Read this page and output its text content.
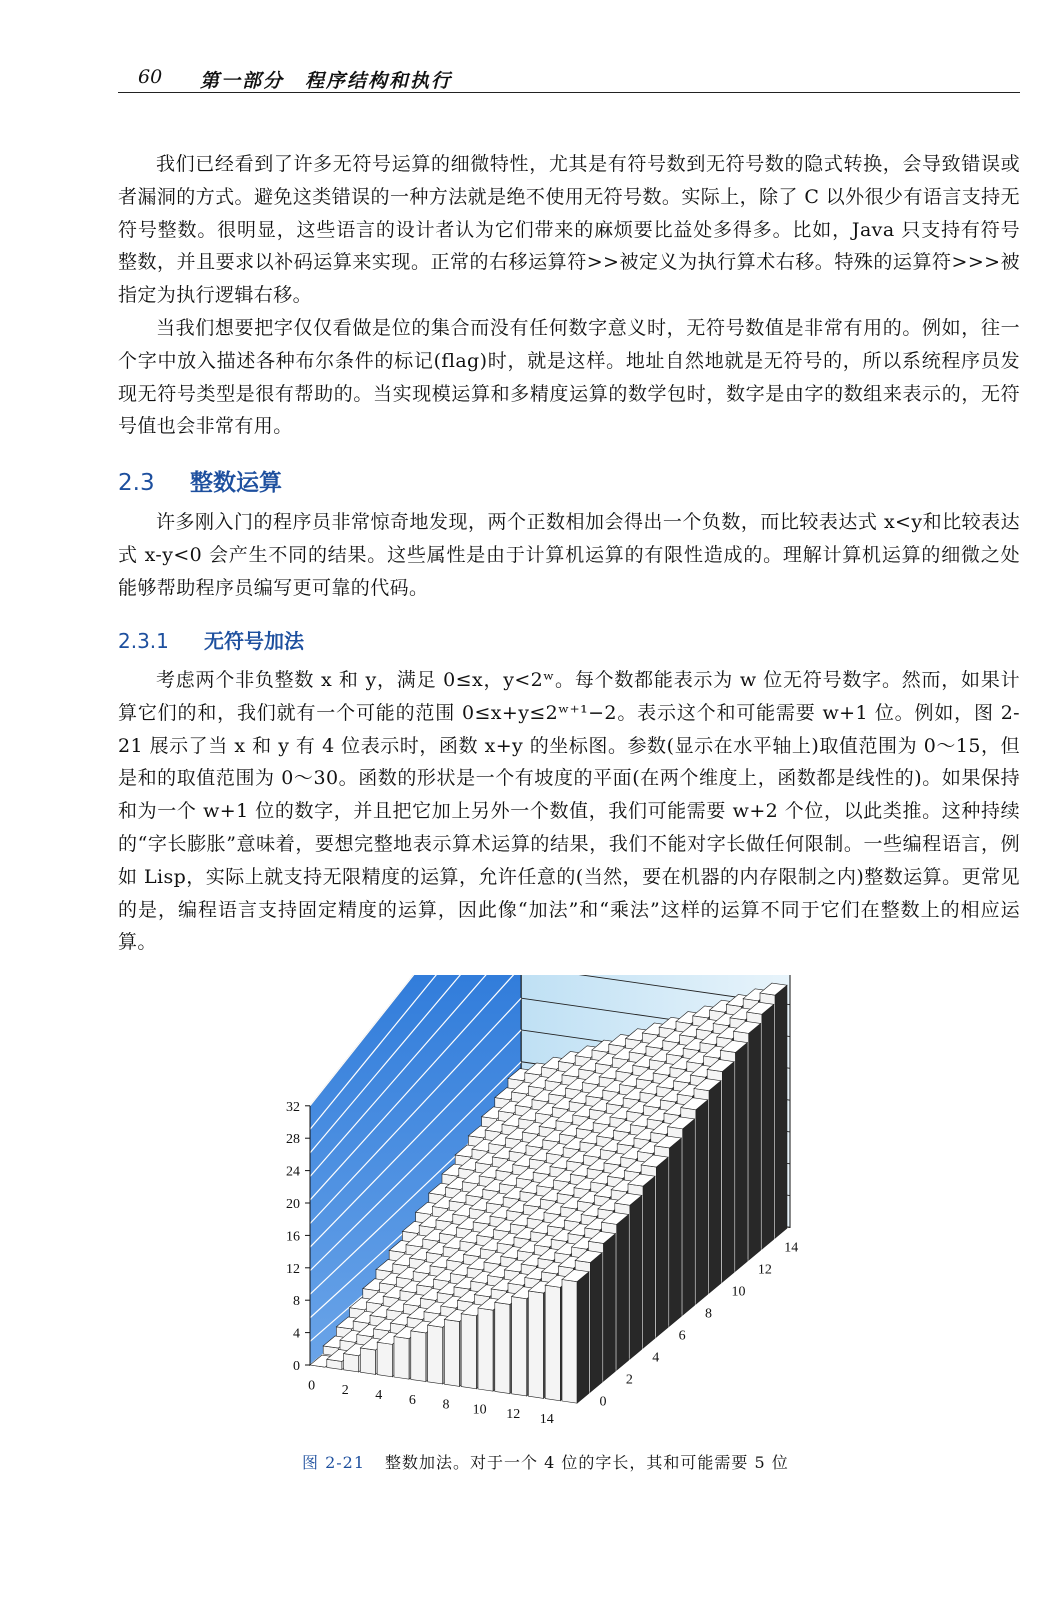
60 第一部分　程序结构和执行

我们已经看到了许多无符号运算的细微特性，尤其是有符号数到无符号数的隐式转换，会导致错误或者漏洞的方式。避免这类错误的一种方法就是绝不使用无符号数。实际上，除了 C 以外很少有语言支持无符号整数。很明显，这些语言的设计者认为它们带来的麻烦要比益处多得多。比如，Java 只支持有符号整数，并且要求以补码运算来实现。正常的右移运算符>>被定义为执行算术右移。特殊的运算符>>>被指定为执行逻辑右移。

当我们想要把字仅仅看做是位的集合而没有任何数字意义时，无符号数值是非常有用的。例如，往一个字中放入描述各种布尔条件的标记(flag)时，就是这样。地址自然地就是无符号的，所以系统程序员发现无符号类型是很有帮助的。当实现模运算和多精度运算的数学包时，数字是由字的数组来表示的，无符号值也会非常有用。

2.3 整数运算

许多刚入门的程序员非常惊奇地发现，两个正数相加会得出一个负数，而比较表达式 x<y和比较表达式 x-y<0 会产生不同的结果。这些属性是由于计算机运算的有限性造成的。理解计算机运算的细微之处能够帮助程序员编写更可靠的代码。

2.3.1 无符号加法

考虑两个非负整数 x 和 y，满足 0≤x，y<2ʷ。每个数都能表示为 w 位无符号数字。然而，如果计算它们的和，我们就有一个可能的范围 0≤x+y≤2ʷ⁺¹−2。表示这个和可能需要 w+1 位。例如，图 2-21 展示了当 x 和 y 有 4 位表示时，函数 x+y 的坐标图。参数(显示在水平轴上)取值范围为 0～15，但是和的取值范围为 0～30。函数的形状是一个有坡度的平面(在两个维度上，函数都是线性的)。如果保持和为一个 w+1 位的数字，并且把它加上另外一个数值，我们可能需要 w+2 个位，以此类推。这种持续的“字长膨胀”意味着，要想完整地表示算术运算的结果，我们不能对字长做任何限制。一些编程语言，例如 Lisp，实际上就支持无限精度的运算，允许任意的(当然，要在机器的内存限制之内)整数运算。更常见的是，编程语言支持固定精度的运算，因此像“加法”和“乘法”这样的运算不同于它们在整数上的相应运算。

0
4
8
12
16
20
24
28
32
0 2 4 6 8 10 12 14
0
2
4
6
8
10
12
14
图 2-21 整数加法。对于一个 4 位的字长，其和可能需要 5 位
